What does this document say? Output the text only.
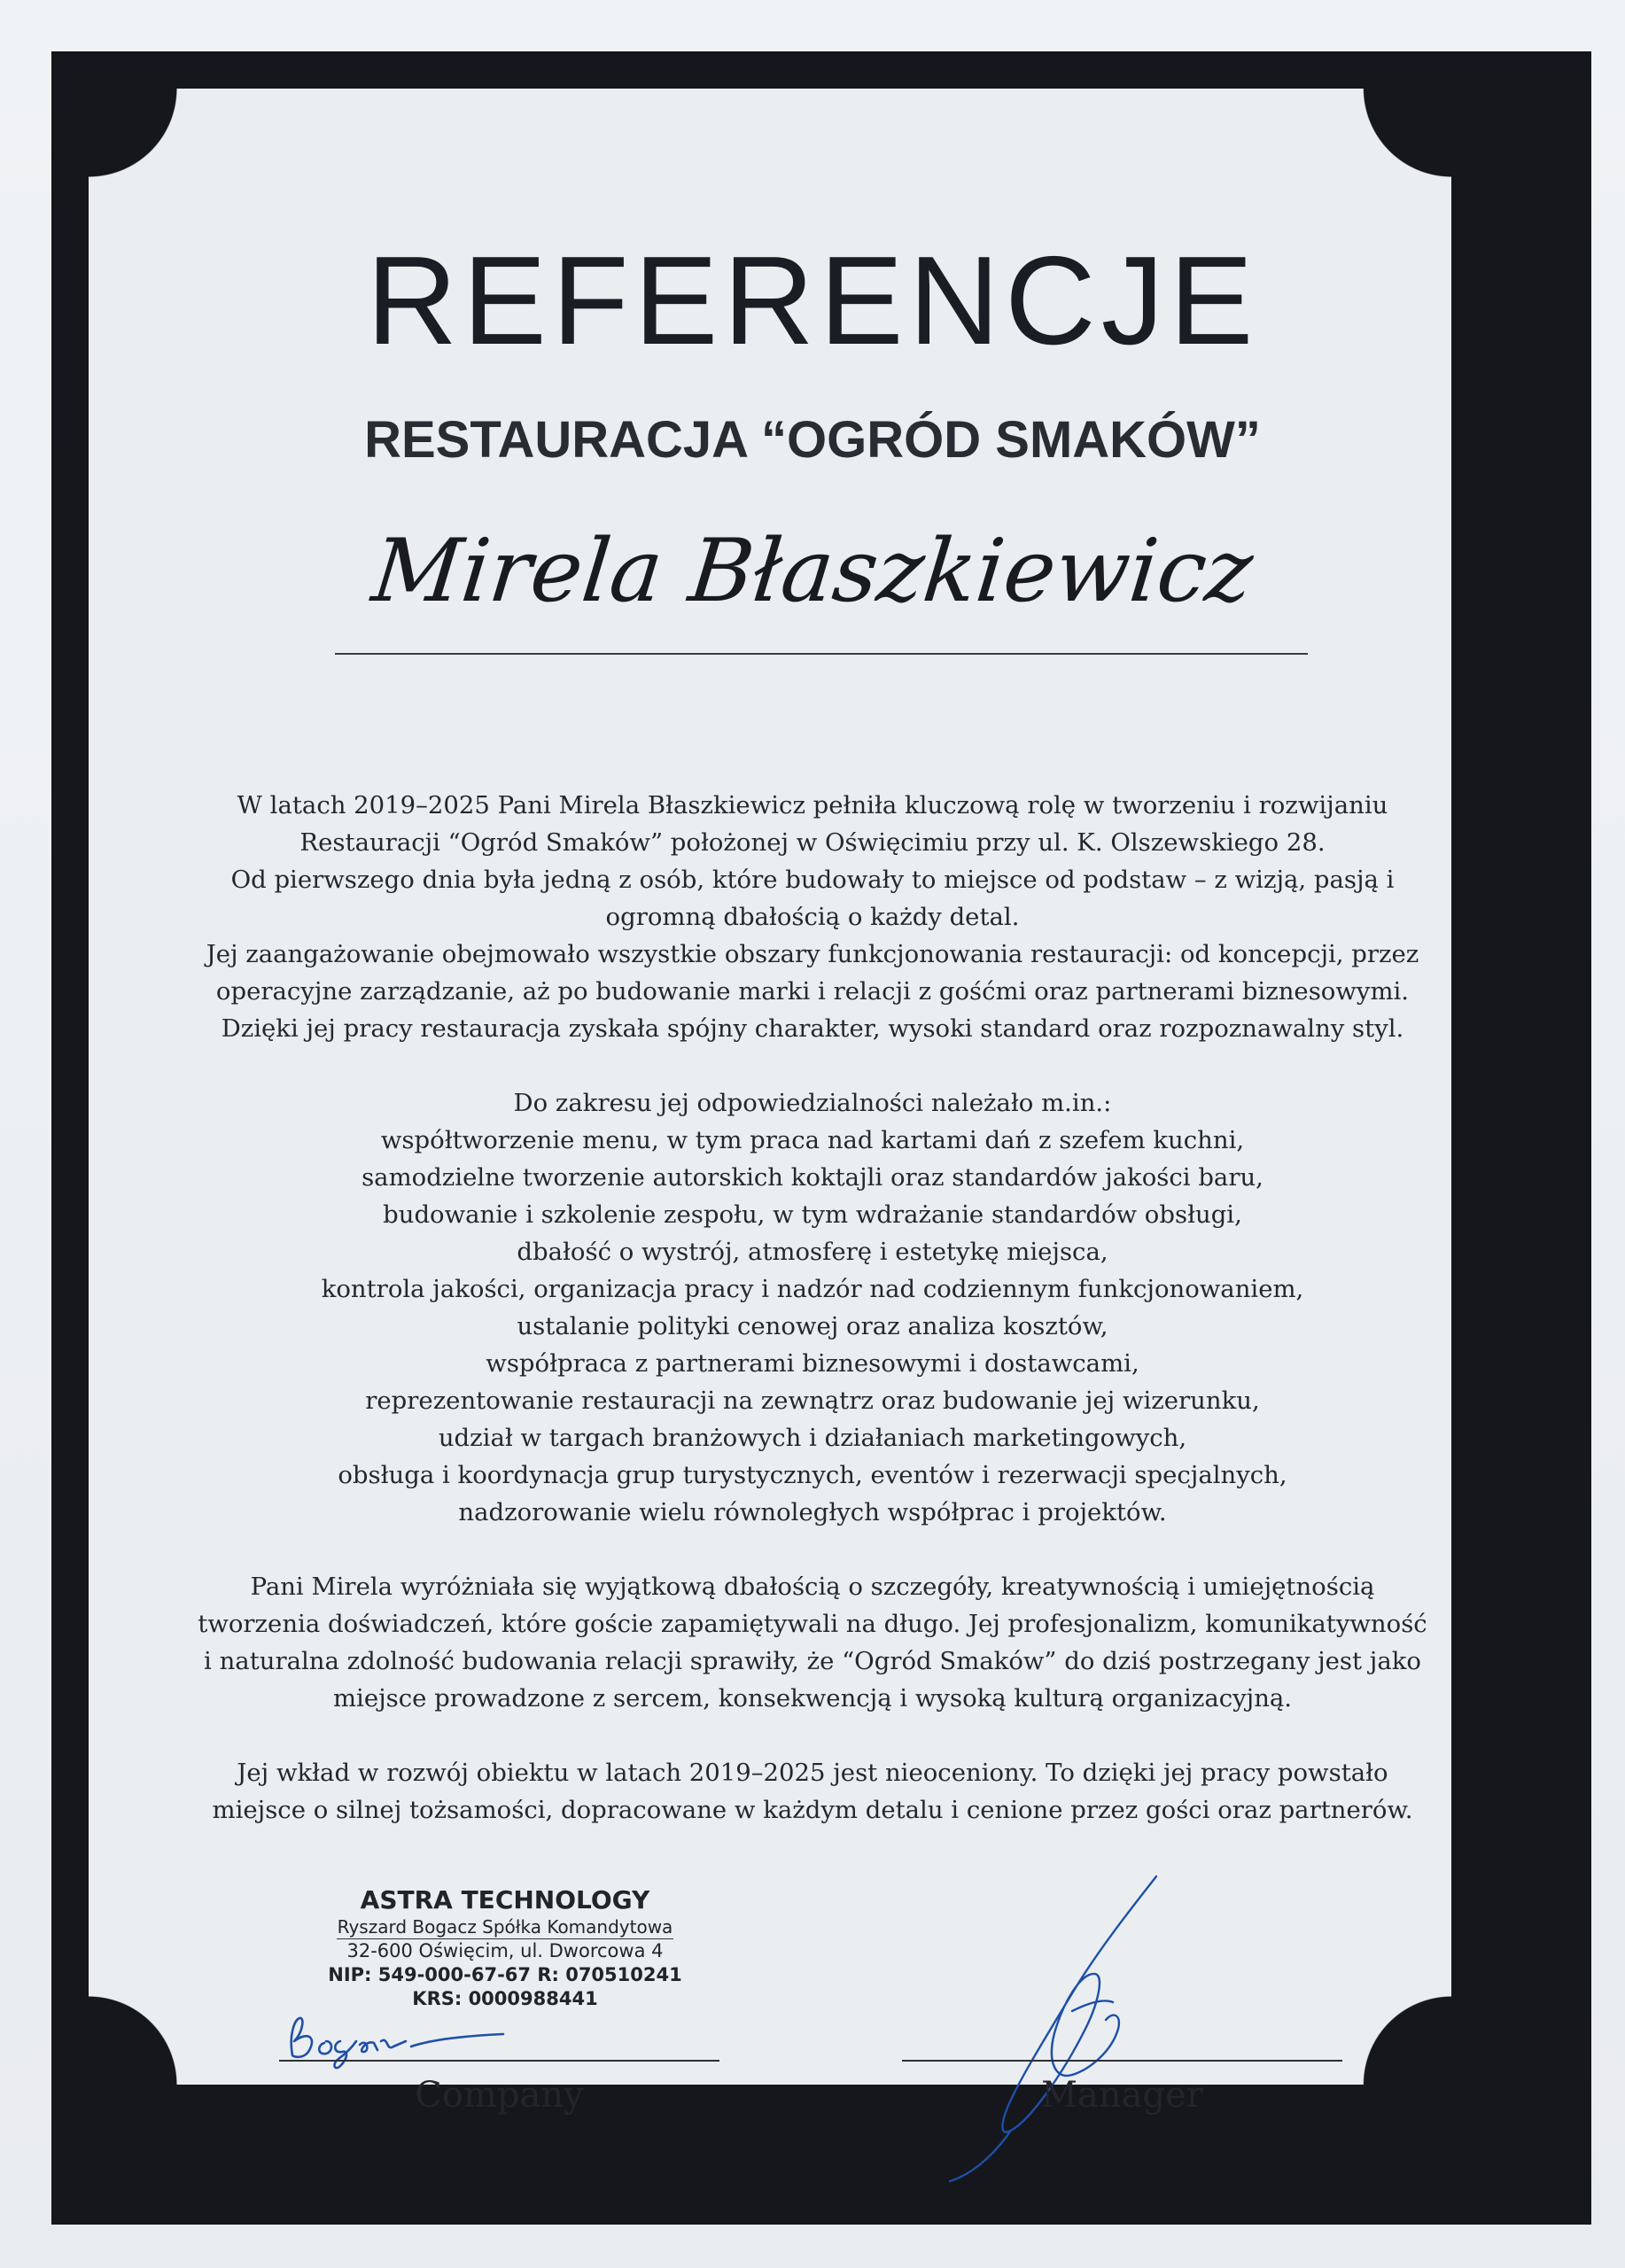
REFERENCJE
RESTAURACJA “OGRÓD SMAKÓW”
Mirela Błaszkiewicz
W latach 2019–2025 Pani Mirela Błaszkiewicz pełniła kluczową rolę w tworzeniu i rozwijaniu
Restauracji “Ogród Smaków” położonej w Oświęcimiu przy ul. K. Olszewskiego 28.
Od pierwszego dnia była jedną z osób, które budowały to miejsce od podstaw – z wizją, pasją i
ogromną dbałością o każdy detal.
Jej zaangażowanie obejmowało wszystkie obszary funkcjonowania restauracji: od koncepcji, przez
operacyjne zarządzanie, aż po budowanie marki i relacji z gośćmi oraz partnerami biznesowymi.
Dzięki jej pracy restauracja zyskała spójny charakter, wysoki standard oraz rozpoznawalny styl.
Do zakresu jej odpowiedzialności należało m.in.:
współtworzenie menu, w tym praca nad kartami dań z szefem kuchni,
samodzielne tworzenie autorskich koktajli oraz standardów jakości baru,
budowanie i szkolenie zespołu, w tym wdrażanie standardów obsługi,
dbałość o wystrój, atmosferę i estetykę miejsca,
kontrola jakości, organizacja pracy i nadzór nad codziennym funkcjonowaniem,
ustalanie polityki cenowej oraz analiza kosztów,
współpraca z partnerami biznesowymi i dostawcami,
reprezentowanie restauracji na zewnątrz oraz budowanie jej wizerunku,
udział w targach branżowych i działaniach marketingowych,
obsługa i koordynacja grup turystycznych, eventów i rezerwacji specjalnych,
nadzorowanie wielu równoległych współprac i projektów.
Pani Mirela wyróżniała się wyjątkową dbałością o szczegóły, kreatywnością i umiejętnością
tworzenia doświadczeń, które goście zapamiętywali na długo. Jej profesjonalizm, komunikatywność
i naturalna zdolność budowania relacji sprawiły, że “Ogród Smaków” do dziś postrzegany jest jako
miejsce prowadzone z sercem, konsekwencją i wysoką kulturą organizacyjną.
Jej wkład w rozwój obiektu w latach 2019–2025 jest nieoceniony. To dzięki jej pracy powstało
miejsce o silnej tożsamości, dopracowane w każdym detalu i cenione przez gości oraz partnerów.
ASTRA TECHNOLOGY
Ryszard Bogacz Spółka Komandytowa
32-600 Oświęcim, ul. Dworcowa 4
NIP: 549-000-67-67 R: 070510241
KRS: 0000988441
Company	Manager
